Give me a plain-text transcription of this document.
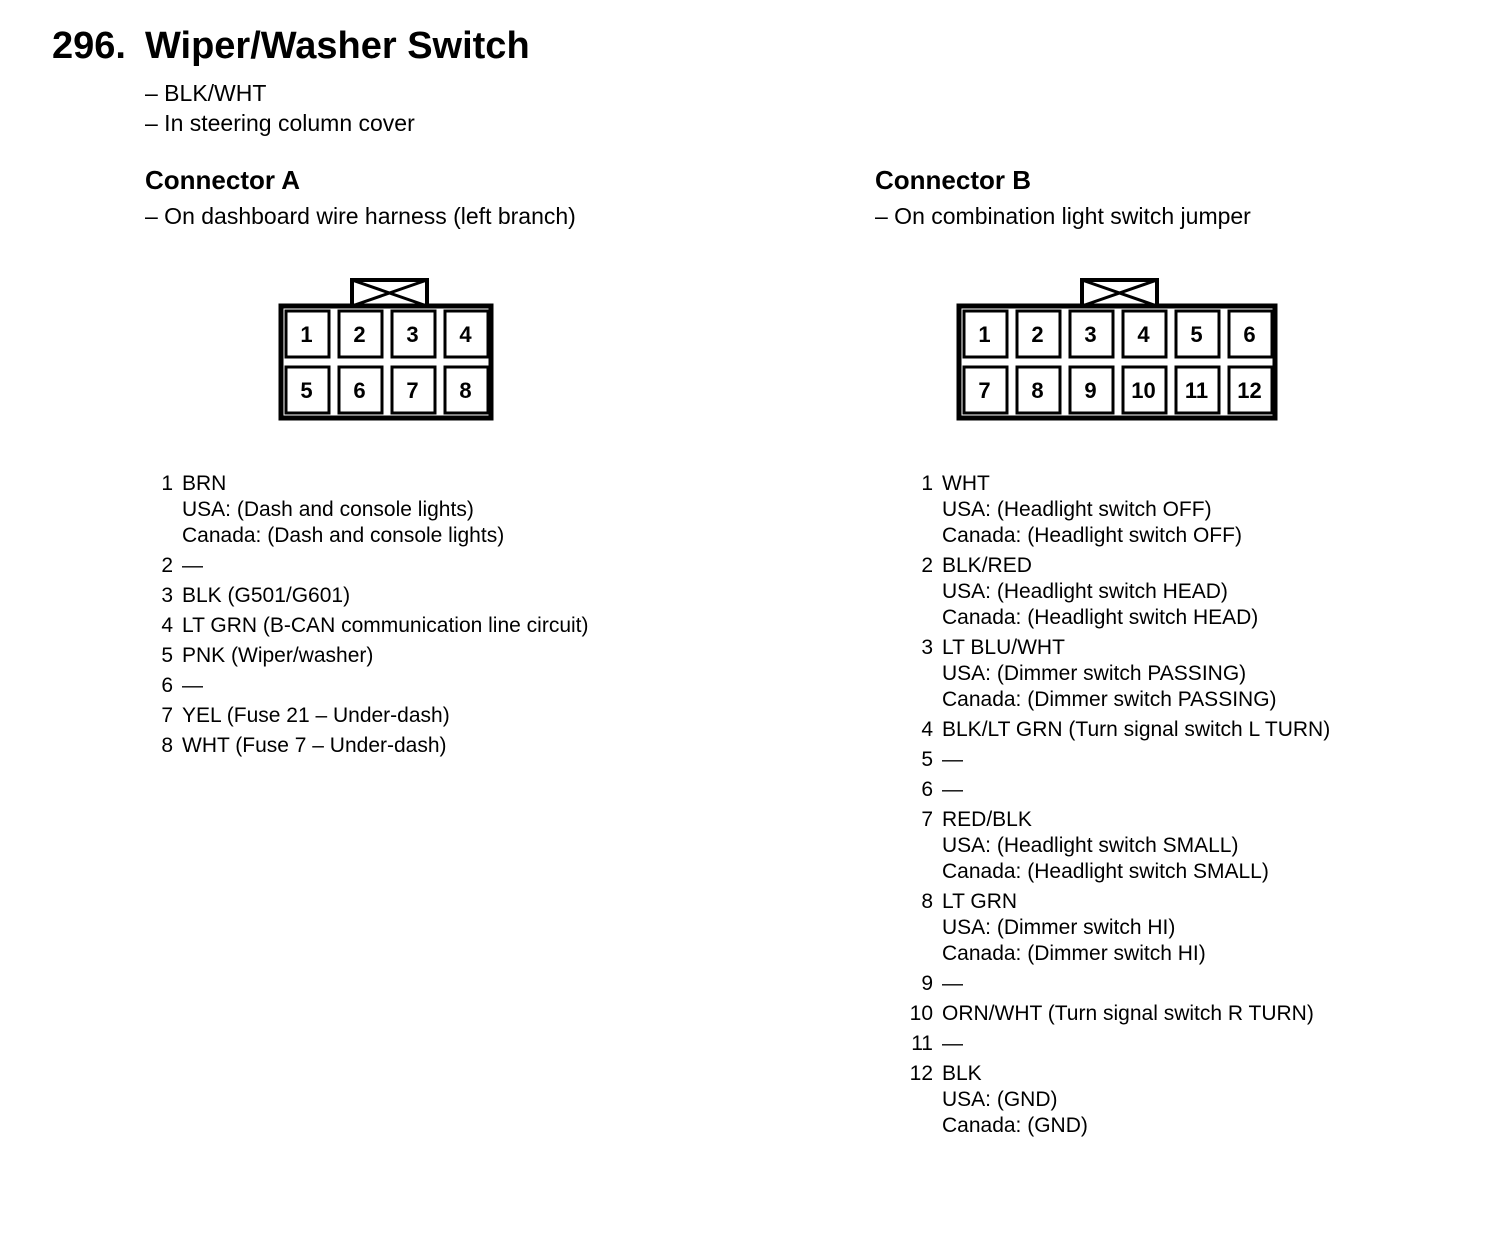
296. Wiper/Washer Switch
– BLK/WHT
– In steering column cover
Connector A
– On dashboard wire harness (left branch)
1 2 3 4
5 6 7 8
1 BRN
USA: (Dash and console lights)
Canada: (Dash and console lights)
2 —
3 BLK (G501/G601)
4 LT GRN (B-CAN communication line circuit)
5 PNK (Wiper/washer)
6 —
7 YEL (Fuse 21 – Under-dash)
8 WHT (Fuse 7 – Under-dash)
Connector B
– On combination light switch jumper
1 2 3 4 5 6
7 8 9 10 11 12
1 WHT
USA: (Headlight switch OFF)
Canada: (Headlight switch OFF)
2 BLK/RED
USA: (Headlight switch HEAD)
Canada: (Headlight switch HEAD)
3 LT BLU/WHT
USA: (Dimmer switch PASSING)
Canada: (Dimmer switch PASSING)
4 BLK/LT GRN (Turn signal switch L TURN)
5 —
6 —
7 RED/BLK
USA: (Headlight switch SMALL)
Canada: (Headlight switch SMALL)
8 LT GRN
USA: (Dimmer switch HI)
Canada: (Dimmer switch HI)
9 —
10 ORN/WHT (Turn signal switch R TURN)
11 —
12 BLK
USA: (GND)
Canada: (GND)
